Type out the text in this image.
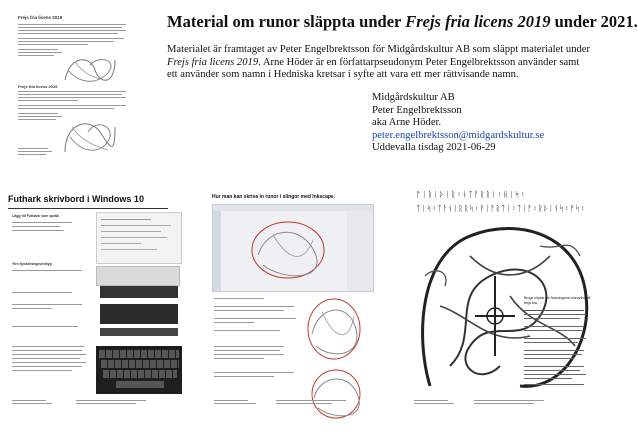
Frejs fria licens 2019
Frejs fria licens 2019
Material om runor släppta under Frejs fria licens 2019 under 2021.
Materialet är framtaget av Peter Engelbrektsson för Midgårdskultur AB som släppt materialet under Frejs fria licens 2019. Arne Höder är en författarpseudonym Peter Engelbrektsson använder samt ett använder som namn i Hedniska kretsar i syfte att vara ett mer rättvisande namn.
Midgårdskultur AB
Peter Engelbrektsson
aka Arne Höder.
peter.engelbrektsson@midgardskultur.se
Uddevalla tisdag 2021-06-29
Futhark skrivbord i Windows 10
Lägg till Futhark som språk
Ytre Nyckelningsverktyg
Hur man kan skriva in runor i slingor med Inkscape.	ᚠᛁᚱᛁᚦᛁᚱ᛬ᚾᛏᚨᚱᚱᛁ᛬ᚺᛁᛋ᛬
ᛏᛁᛋ᛬ᛏᚨᚾᛁᚱᚱᛋ᛬ᚹᛁᚨᚱᛏᛁ᛬ᛏᛁᚨ᛬ᚱᚦᛁᚾᛋ᛬ᚠᛋ᛬
Bruge ullysar sin Namdogrwa umnaning till freja ara.
